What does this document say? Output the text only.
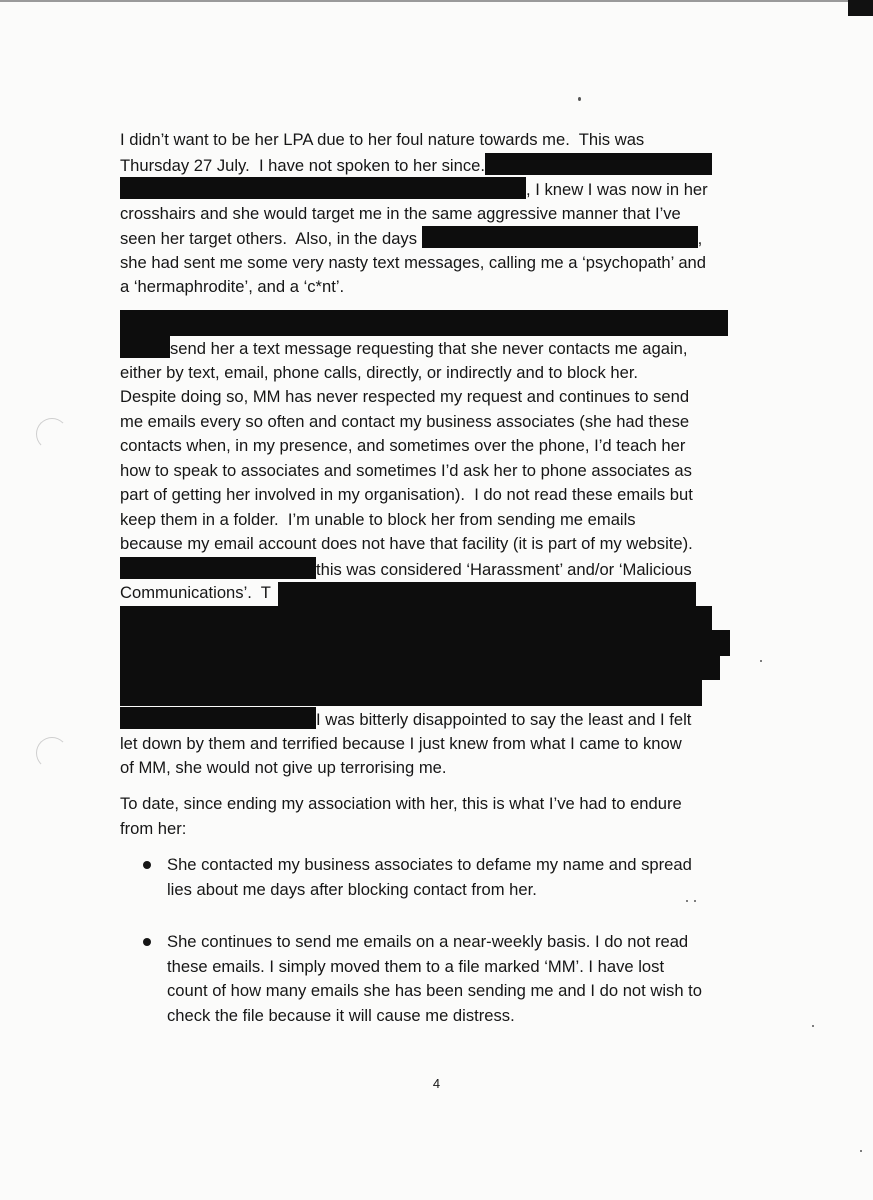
I didn’t want to be her LPA due to her foul nature towards me.  This was
Thursday 27 July.  I have not spoken to her since.
, I knew I was now in her
crosshairs and she would target me in the same aggressive manner that I’ve
seen her target others.  Also, in the days	,
she had sent me some very nasty text messages, calling me a ‘psychopath’ and
a ‘hermaphrodite’, and a ‘c*nt’.
send her a text message requesting that she never contacts me again,
either by text, email, phone calls, directly, or indirectly and to block her.
Despite doing so, MM has never respected my request and continues to send
me emails every so often and contact my business associates (she had these
contacts when, in my presence, and sometimes over the phone, I’d teach her
how to speak to associates and sometimes I’d ask her to phone associates as
part of getting her involved in my organisation).  I do not read these emails but
keep them in a folder.  I’m unable to block her from sending me emails
because my email account does not have that facility (it is part of my website).
this was considered ‘Harassment’ and/or ‘Malicious
Communications’.  T
I was bitterly disappointed to say the least and I felt
let down by them and terrified because I just knew from what I came to know
of MM, she would not give up terrorising me.
To date, since ending my association with her, this is what I’ve had to endure
from her:
She contacted my business associates to defame my name and spread
lies about me days after blocking contact from her.
She continues to send me emails on a near-weekly basis. I do not read
these emails. I simply moved them to a file marked ‘MM’. I have lost
count of how many emails she has been sending me and I do not wish to
check the file because it will cause me distress.
4
